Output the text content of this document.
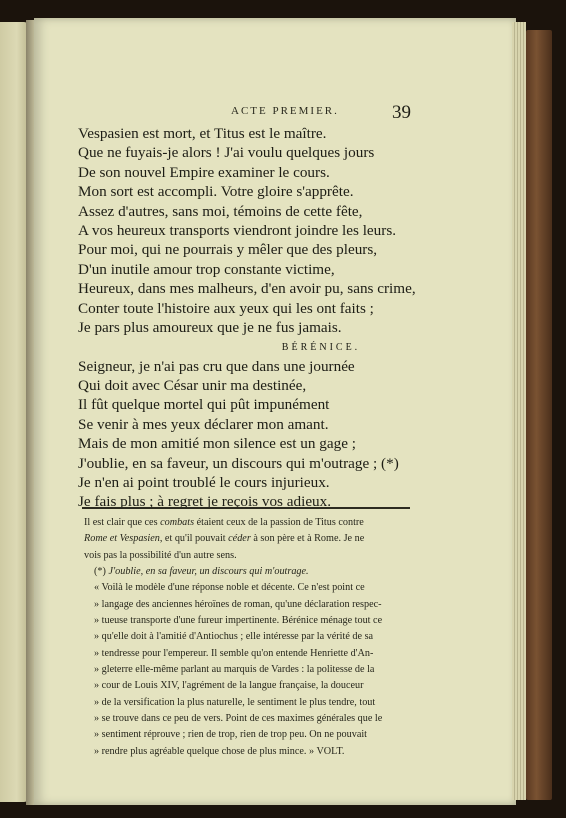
ACTE PREMIER.	39
Vespasien est mort, et Titus est le maître.
Que ne fuyais-je alors ! J'ai voulu quelques jours
De son nouvel Empire examiner le cours.
Mon sort est accompli. Votre gloire s'apprête.
Assez d'autres, sans moi, témoins de cette fête,
A vos heureux transports viendront joindre les leurs.
Pour moi, qui ne pourrais y mêler que des pleurs,
D'un inutile amour trop constante victime,
Heureux, dans mes malheurs, d'en avoir pu, sans crime,
Conter toute l'histoire aux yeux qui les ont faits ;
Je pars plus amoureux que je ne fus jamais.
BÉRÉNICE.
Seigneur, je n'ai pas cru que dans une journée
Qui doit avec César unir ma destinée,
Il fût quelque mortel qui pût impunément
Se venir à mes yeux déclarer mon amant.
Mais de mon amitié mon silence est un gage ;
J'oublie, en sa faveur, un discours qui m'outrage ; (*)
Je n'en ai point troublé le cours injurieux.
Je fais plus ; à regret je reçois vos adieux.
Il est clair que ces combats étaient ceux de la passion de Titus contre
Rome et Vespasien, et qu'il pouvait céder à son père et à Rome. Je ne
vois pas la possibilité d'un autre sens.
(*) J'oublie, en sa faveur, un discours qui m'outrage.
« Voilà le modèle d'une réponse noble et décente. Ce n'est point ce
» langage des anciennes héroïnes de roman, qu'une déclaration respec-
» tueuse transporte d'une fureur impertinente. Bérénice ménage tout ce
» qu'elle doit à l'amitié d'Antiochus ; elle intéresse par la vérité de sa
» tendresse pour l'empereur. Il semble qu'on entende Henriette d'An-
» gleterre elle-même parlant au marquis de Vardes : la politesse de la
» cour de Louis XIV, l'agrément de la langue française, la douceur
» de la versification la plus naturelle, le sentiment le plus tendre, tout
» se trouve dans ce peu de vers. Point de ces maximes générales que le
» sentiment réprouve ; rien de trop, rien de trop peu. On ne pouvait
» rendre plus agréable quelque chose de plus mince. » VOLT.
